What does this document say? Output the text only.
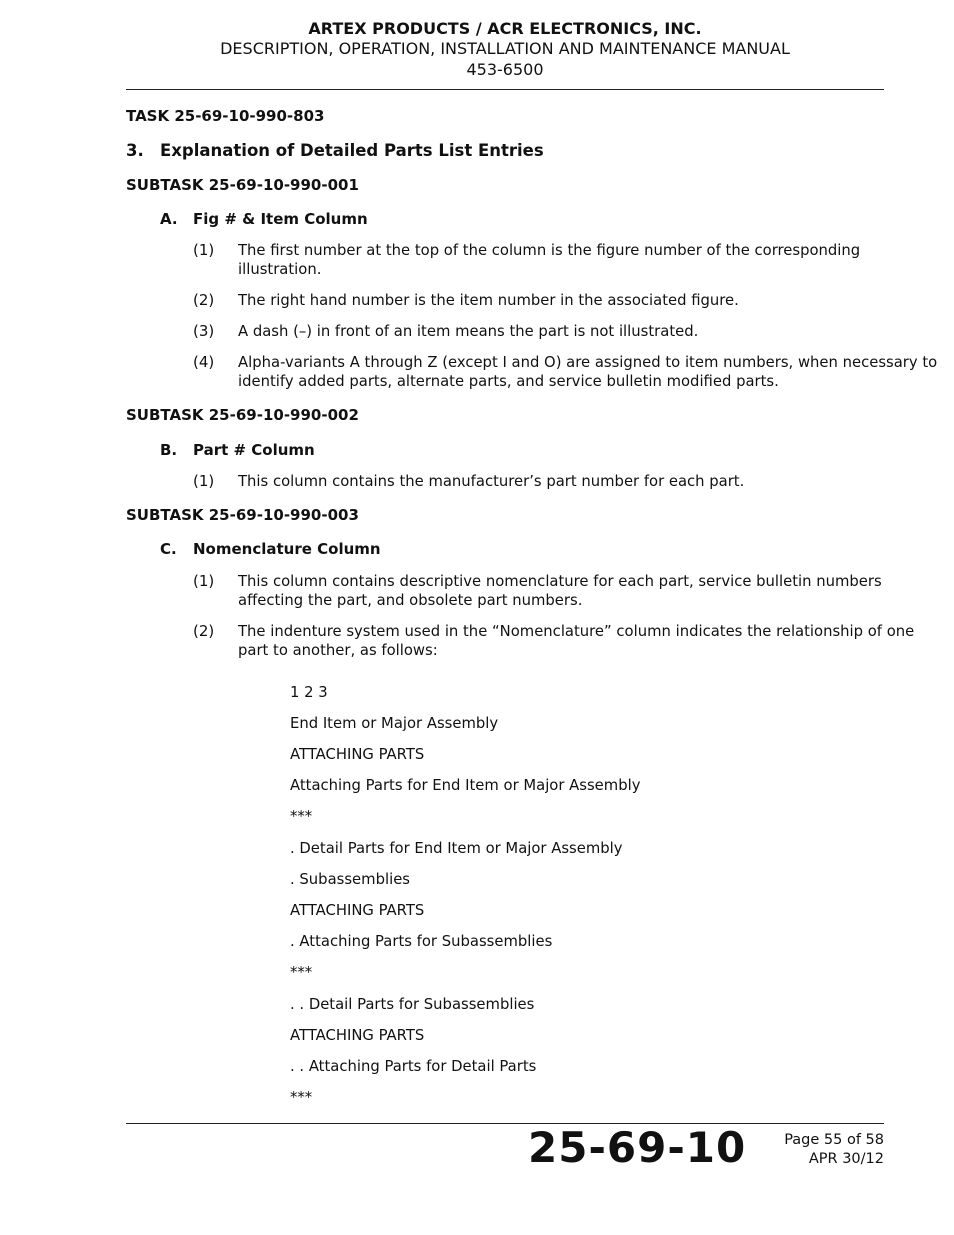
ARTEX PRODUCTS / ACR ELECTRONICS, INC.
DESCRIPTION, OPERATION, INSTALLATION AND MAINTENANCE MANUAL
453-6500
TASK 25-69-10-990-803
3. Explanation of Detailed Parts List Entries
SUBTASK 25-69-10-990-001
A. Fig # & Item Column
(1) The first number at the top of the column is the figure number of the corresponding
illustration.
(2) The right hand number is the item number in the associated figure.
(3) A dash (–) in front of an item means the part is not illustrated.
(4) Alpha-variants A through Z (except I and O) are assigned to item numbers, when necessary to
identify added parts, alternate parts, and service bulletin modified parts.
SUBTASK 25-69-10-990-002
B. Part # Column
(1) This column contains the manufacturer’s part number for each part.
SUBTASK 25-69-10-990-003
C. Nomenclature Column
(1) This column contains descriptive nomenclature for each part, service bulletin numbers
affecting the part, and obsolete part numbers.
(2) The indenture system used in the “Nomenclature” column indicates the relationship of one
part to another, as follows:
1 2 3
End Item or Major Assembly
ATTACHING PARTS
Attaching Parts for End Item or Major Assembly
***
. Detail Parts for End Item or Major Assembly
. Subassemblies
ATTACHING PARTS
. Attaching Parts for Subassemblies
***
. . Detail Parts for Subassemblies
ATTACHING PARTS
. . Attaching Parts for Detail Parts
***
25-69-10	Page 55 of 58
APR 30/12
